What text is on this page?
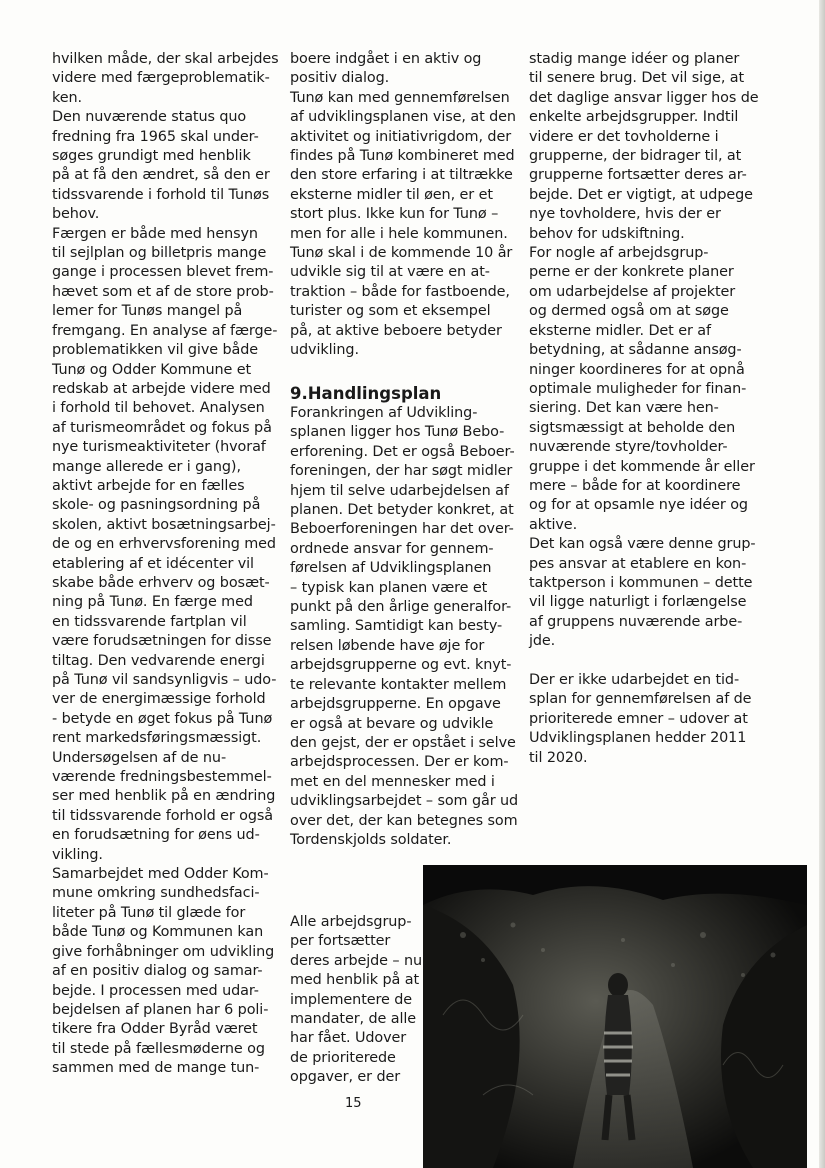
hvilken måde, der skal arbejdes
videre med færgeproblematik-
ken.
Den nuværende status quo
fredning fra 1965 skal under-
søges grundigt med henblik
på at få den ændret, så den er
tidssvarende i forhold til Tunøs
behov.
Færgen er både med hensyn
til sejlplan og billetpris mange
gange i processen blevet frem-
hævet som et af de store prob-
lemer for Tunøs mangel på
fremgang. En analyse af færge-
problematikken vil give både
Tunø og Odder Kommune et
redskab at arbejde videre med
i forhold til behovet. Analysen
af turismeområdet og fokus på
nye turismeaktiviteter (hvoraf
mange allerede er i gang),
aktivt arbejde for en fælles
skole- og pasningsordning på
skolen, aktivt bosætningsarbej-
de og en erhvervsforening med
etablering af et idécenter vil
skabe både erhverv og bosæt-
ning på Tunø. En færge med
en tidssvarende fartplan vil
være forudsætningen for disse
tiltag. Den vedvarende energi
på Tunø vil sandsynligvis – udo-
ver de energimæssige forhold
- betyde en øget fokus på Tunø
rent markedsføringsmæssigt.
Undersøgelsen af de nu-
værende fredningsbestemmel-
ser med henblik på en ændring
til tidssvarende forhold er også
en forudsætning for øens ud-
vikling.
Samarbejdet med Odder Kom-
mune omkring sundhedsfaci-
liteter på Tunø til glæde for
både Tunø og Kommunen kan
give forhåbninger om udvikling
af en positiv dialog og samar-
bejde. I processen med udar-
bejdelsen af planen har 6 poli-
tikere fra Odder Byråd været
til stede på fællesmøderne og
sammen med de mange tun-
boere indgået i en aktiv og
positiv dialog.
Tunø kan med gennemførelsen
af udviklingsplanen vise, at den
aktivitet og initiativrigdom, der
findes på Tunø kombineret med
den store erfaring i at tiltrække
eksterne midler til øen, er et
stort plus. Ikke kun for Tunø –
men for alle i hele kommunen.
Tunø skal i de kommende 10 år
udvikle sig til at være en at-
traktion – både for fastboende,
turister og som et eksempel
på, at aktive beboere betyder
udvikling.
9.Handlingsplan
Forankringen af Udvikling-
splanen ligger hos Tunø Bebo-
erforening. Det er også Beboer-
foreningen, der har søgt midler
hjem til selve udarbejdelsen af
planen. Det betyder konkret, at
Beboerforeningen har det over-
ordnede ansvar for gennem-
førelsen af Udviklingsplanen
– typisk kan planen være et
punkt på den årlige generalfor-
samling. Samtidigt kan besty-
relsen løbende have øje for
arbejdsgrupperne og evt. knyt-
te relevante kontakter mellem
arbejdsgrupperne. En opgave
er også at bevare og udvikle
den gejst, der er opstået i selve
arbejdsprocessen. Der er kom-
met en del mennesker med i
udviklingsarbejdet – som går ud
over det, der kan betegnes som
Tordenskjolds soldater.
Alle arbejdsgrup-
per fortsætter
deres arbejde – nu
med henblik på at
implementere de
mandater, de alle
har fået. Udover
de prioriterede
opgaver, er der
stadig mange idéer og planer
til senere brug. Det vil sige, at
det daglige ansvar ligger hos de
enkelte arbejdsgrupper. Indtil
videre er det tovholderne i
grupperne, der bidrager til, at
grupperne fortsætter deres ar-
bejde. Det er vigtigt, at udpege
nye tovholdere, hvis der er
behov for udskiftning.
For nogle af arbejdsgrup-
perne er der konkrete planer
om udarbejdelse af projekter
og dermed også om at søge
eksterne midler. Det er af
betydning, at sådanne ansøg-
ninger koordineres for at opnå
optimale muligheder for finan-
siering. Det kan være hen-
sigtsmæssigt at beholde den
nuværende styre/tovholder-
gruppe i det kommende år eller
mere – både for at koordinere
og for at opsamle nye idéer og
aktive.
Det kan også være denne grup-
pes ansvar at etablere en kon-
taktperson i kommunen – dette
vil ligge naturligt i forlængelse
af gruppens nuværende arbe-
jde.
Der er ikke udarbejdet en tid-
splan for gennemførelsen af de
prioriterede emner – udover at
Udviklingsplanen hedder 2011
til 2020.
15
